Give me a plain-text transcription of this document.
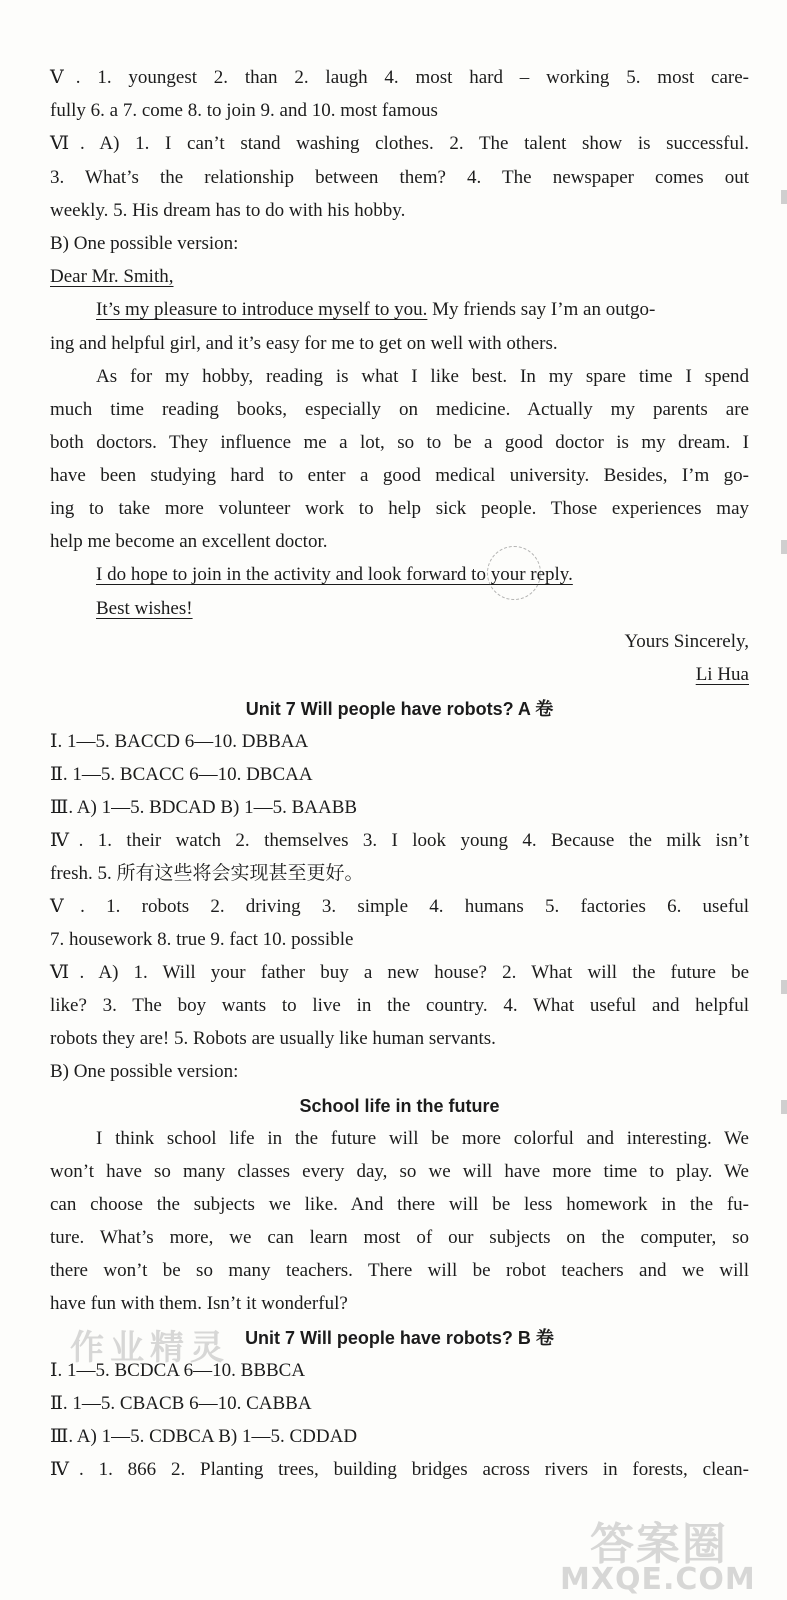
Ⅴ. 1. youngest 2. than 2. laugh 4. most hard – working 5. most care-
fully 6. a 7. come 8. to join 9. and 10. most famous
Ⅵ. A) 1. I can’t stand washing clothes. 2. The talent show is successful.
3. What’s the relationship between them? 4. The newspaper comes out
weekly. 5. His dream has to do with his hobby.
B) One possible version:
Dear Mr. Smith,
It’s my pleasure to introduce myself to you. My friends say I’m an outgo-
ing and helpful girl, and it’s easy for me to get on well with others.
As for my hobby, reading is what I like best. In my spare time I spend
much time reading books, especially on medicine. Actually my parents are
both doctors. They influence me a lot, so to be a good doctor is my dream. I
have been studying hard to enter a good medical university. Besides, I’m go-
ing to take more volunteer work to help sick people. Those experiences may
help me become an excellent doctor.
I do hope to join in the activity and look forward to your reply.
Best wishes!
Yours Sincerely,
Li Hua
Unit 7 Will people have robots? A 卷
Ⅰ. 1—5. BACCD 6—10. DBBAA
Ⅱ. 1—5. BCACC 6—10. DBCAA
Ⅲ. A) 1—5. BDCAD B) 1—5. BAABB
Ⅳ. 1. their watch 2. themselves 3. I look young 4. Because the milk isn’t
fresh. 5. 所有这些将会实现甚至更好。
Ⅴ. 1. robots 2. driving 3. simple 4. humans 5. factories 6. useful
7. housework 8. true 9. fact 10. possible
Ⅵ. A) 1. Will your father buy a new house? 2. What will the future be
like? 3. The boy wants to live in the country. 4. What useful and helpful
robots they are! 5. Robots are usually like human servants.
B) One possible version:
School life in the future
I think school life in the future will be more colorful and interesting. We
won’t have so many classes every day, so we will have more time to play. We
can choose the subjects we like. And there will be less homework in the fu-
ture. What’s more, we can learn most of our subjects on the computer, so
there won’t be so many teachers. There will be robot teachers and we will
have fun with them. Isn’t it wonderful?
Unit 7 Will people have robots? B 卷
Ⅰ. 1—5. BCDCA 6—10. BBBCA
Ⅱ. 1—5. CBACB 6—10. CABBA
Ⅲ. A) 1—5. CDBCA B) 1—5. CDDAD
Ⅳ. 1. 866 2. Planting trees, building bridges across rivers in forests, clean-
作业精灵
答案圈
MXQE.COM
